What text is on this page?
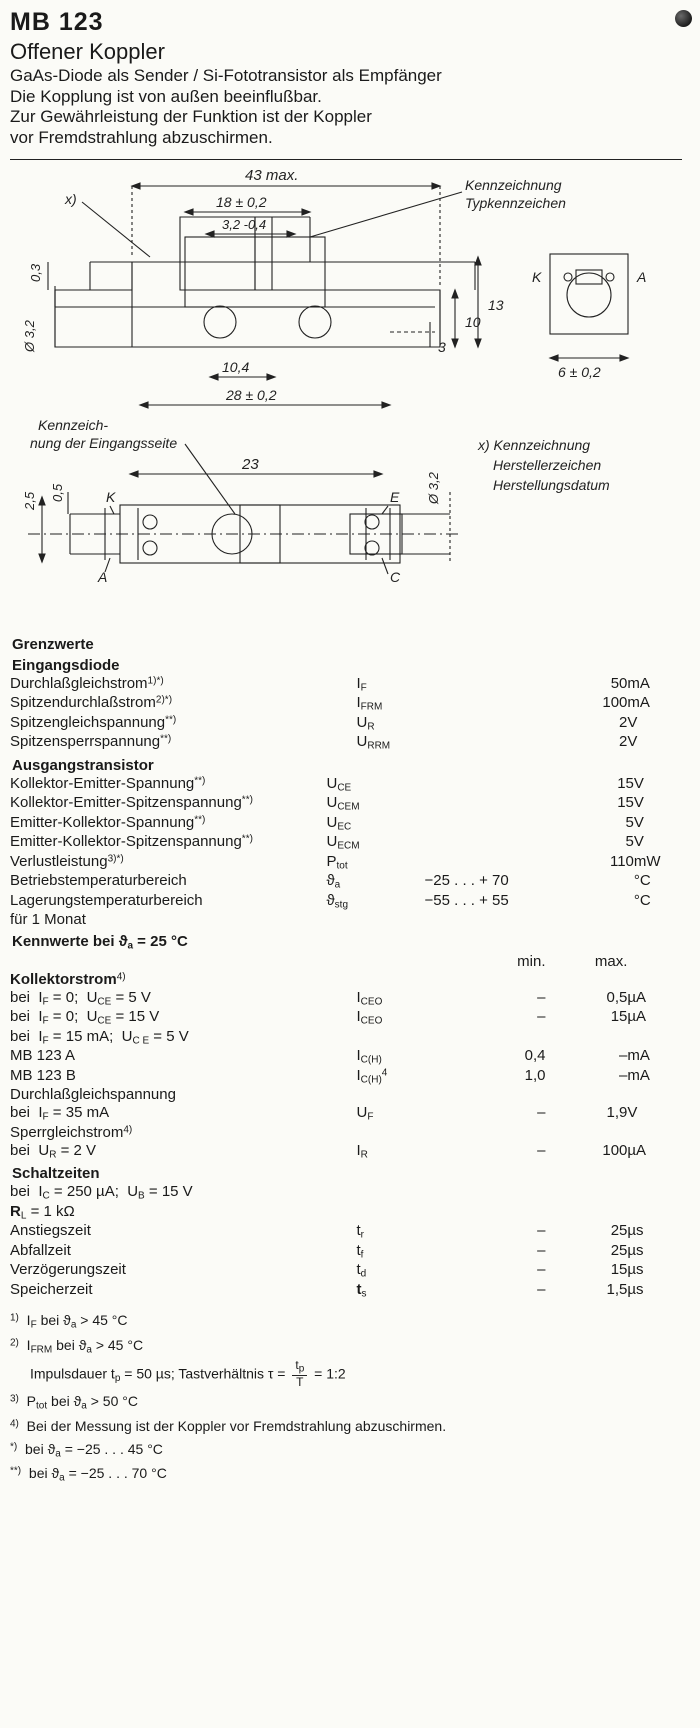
MB 123
Offener Koppler
GaAs-Diode als Sender / Si-Fototransistor als Empfänger
Die Kopplung ist von außen beeinflußbar.
Zur Gewährleistung der Funktion ist der Koppler
vor Fremdstrahlung abzuschirmen.
43 max.
18 ± 0,2
3,2 -0,4
0,3
Ø 3,2
x)
Kennzeichnung
Typkennzeichen
13
10
3
10,4
28 ± 0,2
K	A
6 ± 0,2
x) Kennzeichnung
Herstellerzeichen
Herstellungsdatum
Kennzeich-
nung der Eingangsseite
23
K
A
E
C
2,5 0,5	Ø 3,2
Grenzwerte
Eingangsdiode
Durchlaßgleichstrom$^{1)*)}$	$I_F$		50	mA
Spitzendurchlaßstrom$^{2)*)}$	$I_{FRM}$		100	mA
Spitzengleichspannung**)	$U_R$		2	V
Spitzensperrspannung**)	$U_{RRM}$		2	V
Ausgangstransistor
Kollektor-Emitter-Spannung**)	$U_{CE}$		15	V
Kollektor-Emitter-Spitzenspannung**)	$U_{CEM}$		15	V
Emitter-Kollektor-Spannung**)	$U_{EC}$		5	V
Emitter-Kollektor-Spitzenspannung**)	$U_{ECM}$		5	V
Verlustleistung$^{3)*)}$	$P_{tot}$		110	mW
Betriebstemperaturbereich	$ϑ_a$	−25 . . . + 70		°C
Lagerungstemperaturbereich	$ϑ_{stg}$	−55 . . . + 55		°C
für 1 Monat				
Kennwerte bei $ϑ_a = 25$ °C
		min.	max.	
Kollektorstrom$^{4)}$	
bei  $I_F = 0$;  $U_{CE} = 5$ V	$I_{CEO}$	–	0,5	µA
bei  $I_F = 0$;  $U_{CE} = 15$ V	$I_{CEO}$	–	15	µA
bei  $I_F = 15$ mA;  $U_{C E} = 5$ V				
MB 123 A	$I_{C(H)}$	0,4	–	mA
MB 123 B	$I_{C(H)}^4$	1,0	–	mA
Durchlaßgleichspannung				
bei  $I_F = 35$ mA	$U_F$	–	1,9	V
Sperrgleichstrom$^{4)}$	
bei  $U_R = 2$ V	$I_R$	–	100	µA
Schaltzeiten
bei  $I_C = 250$ µA;  $U_B = 15$ V				
$R_L = 1$ kΩ				
Anstiegszeit	$t_r$	–	25	µs
Abfallzeit	$t_f$	–	25	µs
Verzögerungszeit	$t_d$	–	15	µs
Speicherzeit	$t_s$	–	1,5	µs
$^{1)}$  $I_F$ bei $ϑ_a > 45$ °C
$^{2)}$  $I_{FRM}$ bei $ϑ_a > 45$ °C
Impulsdauer $t_p = 50$ µs; Tastverhältnis $\tau = \frac{t_p}{T}$ = 1:2
$^{3)}$  $P_{tot}$ bei $ϑ_a > 50$ °C
$^{4)}$  Bei der Messung ist der Koppler vor Fremdstrahlung abzuschirmen.
*)  bei $ϑ_a = -25$ . . . 45 °C
**)  bei $ϑ_a = -25$ . . . 70 °C
